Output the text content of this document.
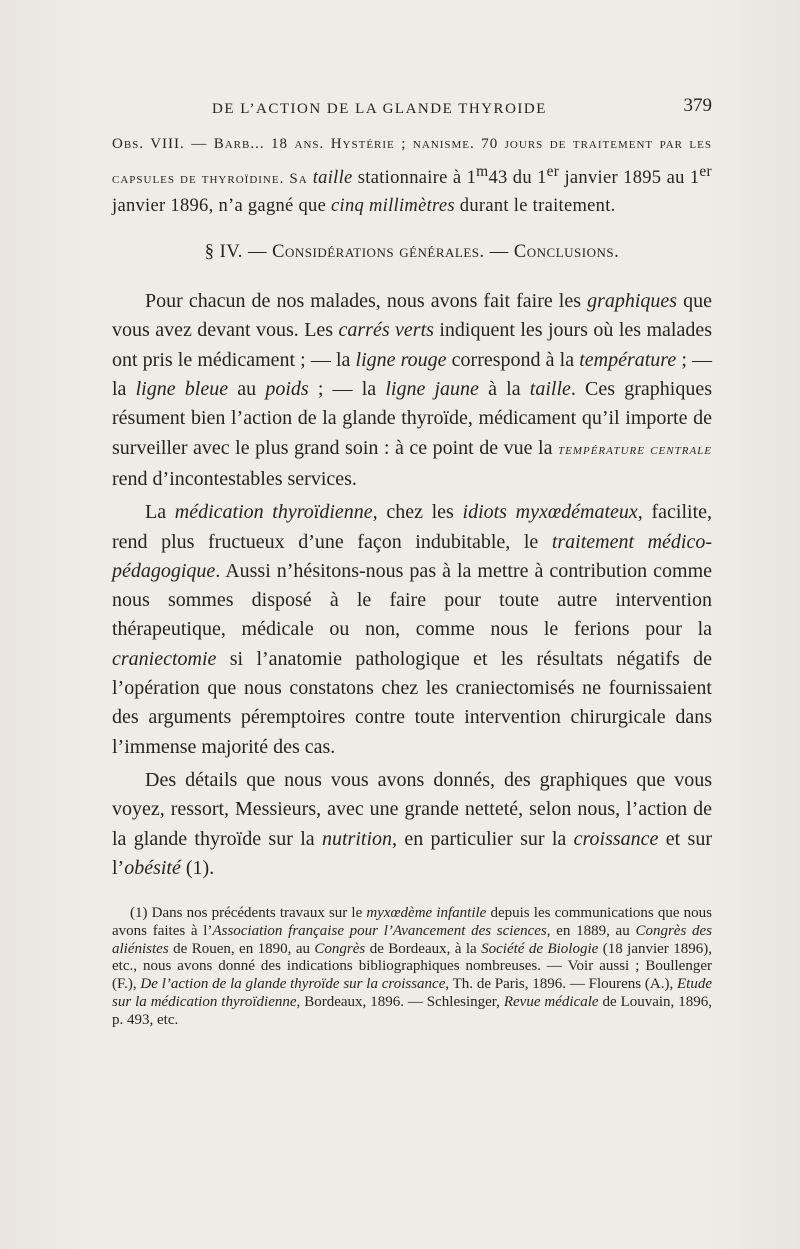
DE L’ACTION DE LA GLANDE THYROIDE	379

Obs. VIII. — Barb... 18 ans. Hystérie ; nanisme. 70 jours de traitement par les capsules de thyroïdine. Sa taille stationnaire à 1$^m$43 du 1er janvier 1895 au 1er janvier 1896, n’a gagné que cinq millimètres durant le traitement.

§ IV. — Considérations générales. — Conclusions.

Pour chacun de nos malades, nous avons fait faire les graphiques que vous avez devant vous. Les carrés verts indiquent les jours où les malades ont pris le médicament ; — la ligne rouge correspond à la température ; — la ligne bleue au poids ; — la ligne jaune à la taille. Ces graphiques résument bien l’action de la glande thyroïde, médicament qu’il importe de surveiller avec le plus grand soin : à ce point de vue la température centrale rend d’incontestables services.

La médication thyroïdienne, chez les idiots myxœdémateux, facilite, rend plus fructueux d’une façon indubitable, le traitement médico-pédagogique. Aussi n’hésitons-nous pas à la mettre à contribution comme nous sommes disposé à le faire pour toute autre intervention thérapeutique, médicale ou non, comme nous le ferions pour la craniectomie si l’anatomie pathologique et les résultats négatifs de l’opération que nous constatons chez les craniectomisés ne fournissaient des arguments péremptoires contre toute intervention chirurgicale dans l’immense majorité des cas.

Des détails que nous vous avons donnés, des graphiques que vous voyez, ressort, Messieurs, avec une grande netteté, selon nous, l’action de la glande thyroïde sur la nutrition, en particulier sur la croissance et sur l’obésité (1).

(1) Dans nos précédents travaux sur le myxœdème infantile depuis les communications que nous avons faites à l’Association française pour l’Avancement des sciences, en 1889, au Congrès des aliénistes de Rouen, en 1890, au Congrès de Bordeaux, à la Société de Biologie (18 janvier 1896), etc., nous avons donné des indications bibliographiques nombreuses. — Voir aussi ; Boullenger (F.), De l’action de la glande thyroïde sur la croissance, Th. de Paris, 1896. — Flourens (A.), Etude sur la médication thyroïdienne, Bordeaux, 1896. — Schlesinger, Revue médicale de Louvain, 1896, p. 493, etc.
